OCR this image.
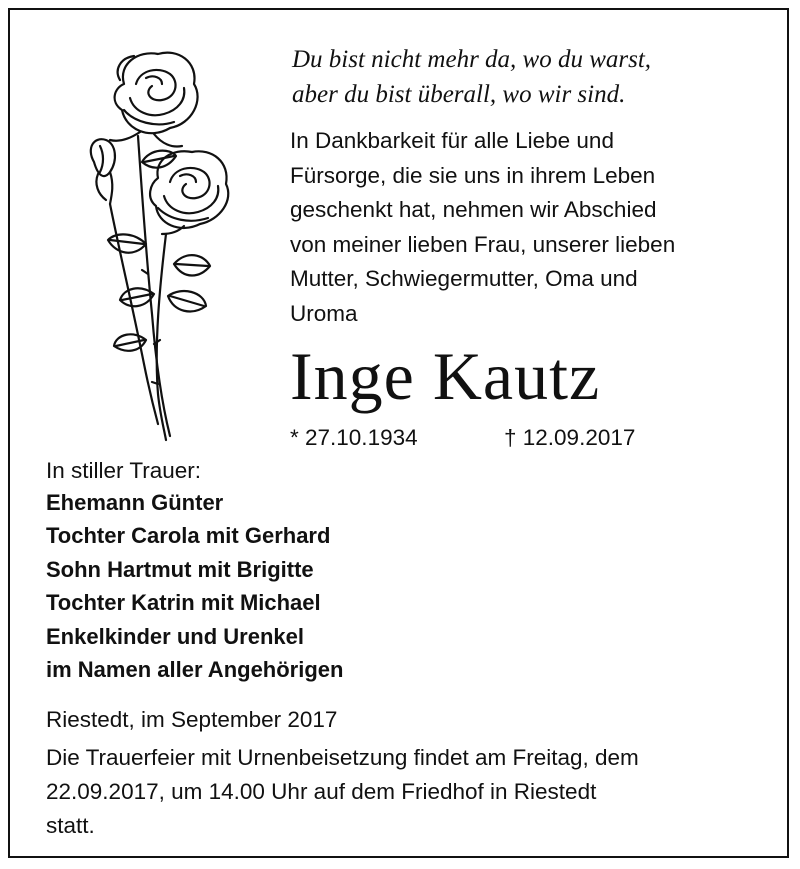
Du bist nicht mehr da, wo du warst,
aber du bist überall, wo wir sind.
In Dankbarkeit für alle Liebe und
Fürsorge, die sie uns in ihrem Leben
geschenkt hat, nehmen wir Abschied
von meiner lieben Frau, unserer lieben
Mutter, Schwiegermutter, Oma und
Uroma
Inge Kautz
* 27.10.1934	† 12.09.2017
In stiller Trauer:
Ehemann Günter
Tochter Carola mit Gerhard
Sohn Hartmut mit Brigitte
Tochter Katrin mit Michael
Enkelkinder und Urenkel
im Namen aller Angehörigen
Riestedt, im September 2017
Die Trauerfeier mit Urnenbeisetzung findet am Freitag, dem
22.09.2017, um 14.00 Uhr auf dem Friedhof in Riestedt
statt.
